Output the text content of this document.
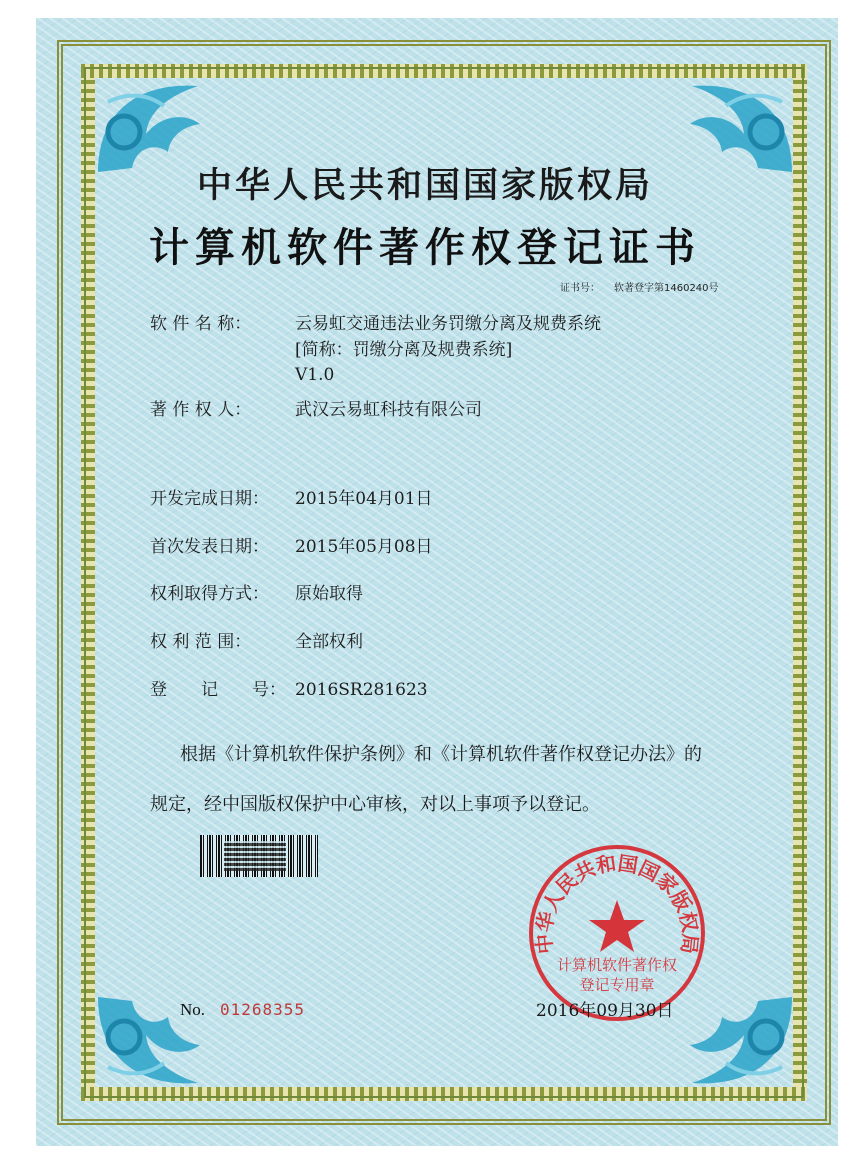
中华人民共和国国家版权局
计算机软件著作权登记证书
证书号： 软著登字第1460240号
软 件 名 称：	云易虹交通违法业务罚缴分离及规费系统
[简称：罚缴分离及规费系统]
V1.0
著 作 权 人：	武汉云易虹科技有限公司
开发完成日期：	2015年04月01日
首次发表日期：	2015年05月08日
权利取得方式：	原始取得
权 利 范 围：	全部权利
登　　记　　号： 2016SR281623
根据《计算机软件保护条例》和《计算机软件著作权登记办法》的
规定，经中国版权保护中心审核，对以上事项予以登记。
中华人民共和国国家版权局
计算机软件著作权
登记专用章
No. 01268355	2016年09月30日
